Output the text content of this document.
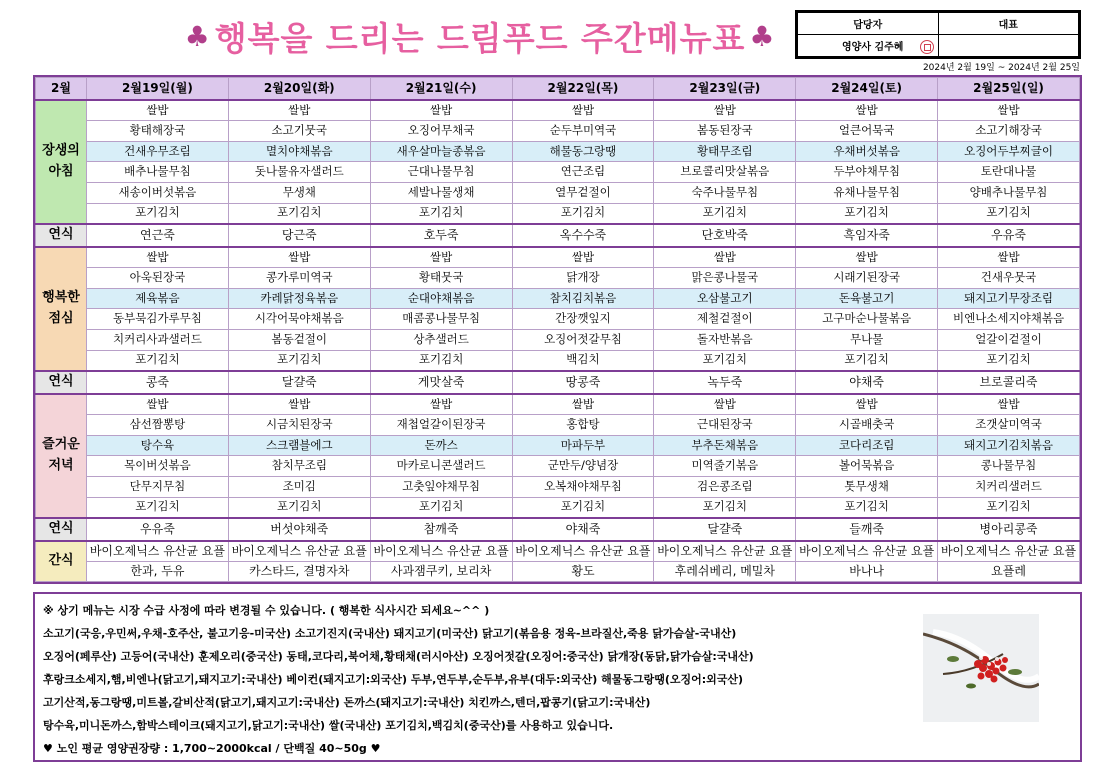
♣ 행복을 드리는 드림푸드 주간메뉴표 ♣	담당자	대표
영양사 김주혜

2024년 2월 19일 ~ 2024년 2월 25일
2월	2월19일(월)	2월20일(화)	2월21일(수)	2월22일(목)	2월23일(금)	2월24일(토)	2월25일(일)
장생의
아침	쌀밥	쌀밥	쌀밥	쌀밥	쌀밥	쌀밥	쌀밥
	황태해장국	소고기뭇국	오징어무채국	순두부미역국	봄동된장국	얼큰어묵국	소고기해장국
	건새우무조림	멸치야채볶음	새우살마늘종볶음	해물동그랑땡	황태무조림	우채버섯볶음	오징어두부찌글이
	배추나물무침	돗나물유자샐러드	근대나물무침	연근조림	브로콜리맛살볶음	두부야채무침	토란대나물
	새송이버섯볶음	무생채	세발나물생채	열무겉절이	숙주나물무침	유채나물무침	양배추나물무침
	포기김치	포기김치	포기김치	포기김치	포기김치	포기김치	포기김치
연식	연근죽	당근죽	호두죽	옥수수죽	단호박죽	흑임자죽	우유죽
행복한
점심	쌀밥	쌀밥	쌀밥	쌀밥	쌀밥	쌀밥	쌀밥
	아욱된장국	콩가루미역국	황태뭇국	닭개장	맑은콩나물국	시래기된장국	건새우뭇국
	제육볶음	카레닭정육볶음	순대야채볶음	참치김치볶음	오삼불고기	돈육불고기	돼지고기무장조림
	동부묵김가루무침	시각어묵야채볶음	매콤콩나물무침	간장깻잎지	제철겉절이	고구마순나물볶음	비엔나소세지야채볶음
	치커리사과샐러드	봄동겉절이	상추샐러드	오징어젓갈무침	돌자반볶음	무나물	얼갈이겉절이
	포기김치	포기김치	포기김치	백김치	포기김치	포기김치	포기김치
연식	콩죽	달걀죽	게맛살죽	땅콩죽	녹두죽	야채죽	브로콜리죽
즐거운
저녁	쌀밥	쌀밥	쌀밥	쌀밥	쌀밥	쌀밥	쌀밥
	삼선짬뽕탕	시금치된장국	재첩얼갈이된장국	홍합탕	근대된장국	시골배춧국	조갯살미역국
	탕수육	스크램블에그	돈까스	마파두부	부추돈채볶음	코다리조림	돼지고기김치볶음
	목이버섯볶음	참치무조림	마카로니콘샐러드	군만두/양념장	미역줄기볶음	볼어묵볶음	콩나물무침
	단무지무침	조미김	고춧잎야채무침	오복채야채무침	검은콩조림	톳무생채	치커리샐러드
	포기김치	포기김치	포기김치	포기김치	포기김치	포기김치	포기김치
연식	우유죽	버섯야채죽	참깨죽	야채죽	달걀죽	들깨죽	병아리콩죽
간식	바이오제닉스 유산균 요플	바이오제닉스 유산균 요플	바이오제닉스 유산균 요플	바이오제닉스 유산균 요플	바이오제닉스 유산균 요플	바이오제닉스 유산균 요플	바이오제닉스 유산균 요플
	한과, 두유	카스타드, 결명자차	사과잼쿠키, 보리차	황도	후레쉬베리, 메밀차	바나나	요플레
※ 상기 메뉴는 시장 수급 사정에 따라 변경될 수 있습니다. ( 행복한 식사시간 되세요~^^ )
소고기(국응,우민써,우채-호주산, 불고기응-미국산) 소고기진지(국내산) 돼지고기(미국산) 닭고기(볶음용 정육-브라질산,죽용 닭가슴살-국내산)
오징어(페루산) 고등어(국내산) 훈제오리(중국산) 동태,코다리,북어채,황태채(러시아산) 오징어젓갈(오징어:중국산) 닭개장(동닭,닭가슴살:국내산)
후랑크소세지,햄,비엔나(닭고기,돼지고기:국내산) 베이컨(돼지고기:외국산) 두부,연두부,순두부,유부(대두:외국산) 해물동그랑땡(오징어:외국산)
고기산적,동그랑땡,미트볼,갈비산적(닭고기,돼지고기:국내산) 돈까스(돼지고기:국내산) 치킨까스,텐더,팝콩기(닭고기:국내산)
탕수육,미니돈까스,함박스테이크(돼지고기,닭고기:국내산) 쌀(국내산) 포기김치,백김치(중국산)를 사용하고 있습니다.
♥ 노인 평균 영양권장량 : 1,700~2000kcal / 단백질 40~50g ♥
